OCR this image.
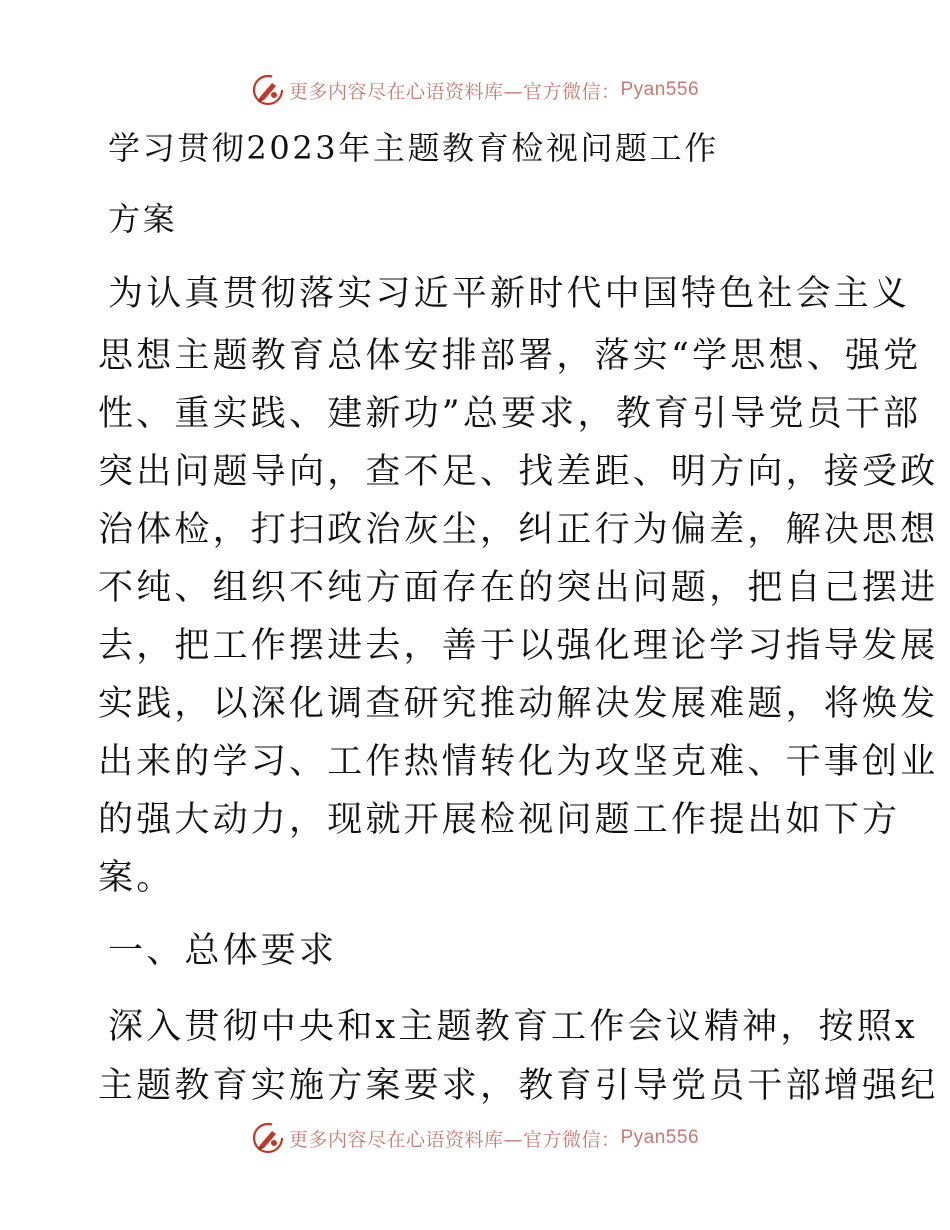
更多内容尽在心语资料库—官方微信： Pyan556
学习贯彻2023年主题教育检视问题工作
方案
为认真贯彻落实习近平新时代中国特色社会主义
思想主题教育总体安排部署，落实“学思想、强党
性、重实践、建新功”总要求，教育引导党员干部
突出问题导向，查不足、找差距、明方向，接受政
治体检，打扫政治灰尘，纠正行为偏差，解决思想
不纯、组织不纯方面存在的突出问题，把自己摆进
去，把工作摆进去，善于以强化理论学习指导发展
实践，以深化调查研究推动解决发展难题，将焕发
出来的学习、工作热情转化为攻坚克难、干事创业
的强大动力，现就开展检视问题工作提出如下方
案。
一、总体要求
深入贯彻中央和x主题教育工作会议精神，按照x
主题教育实施方案要求，教育引导党员干部增强纪
更多内容尽在心语资料库—官方微信： Pyan556
